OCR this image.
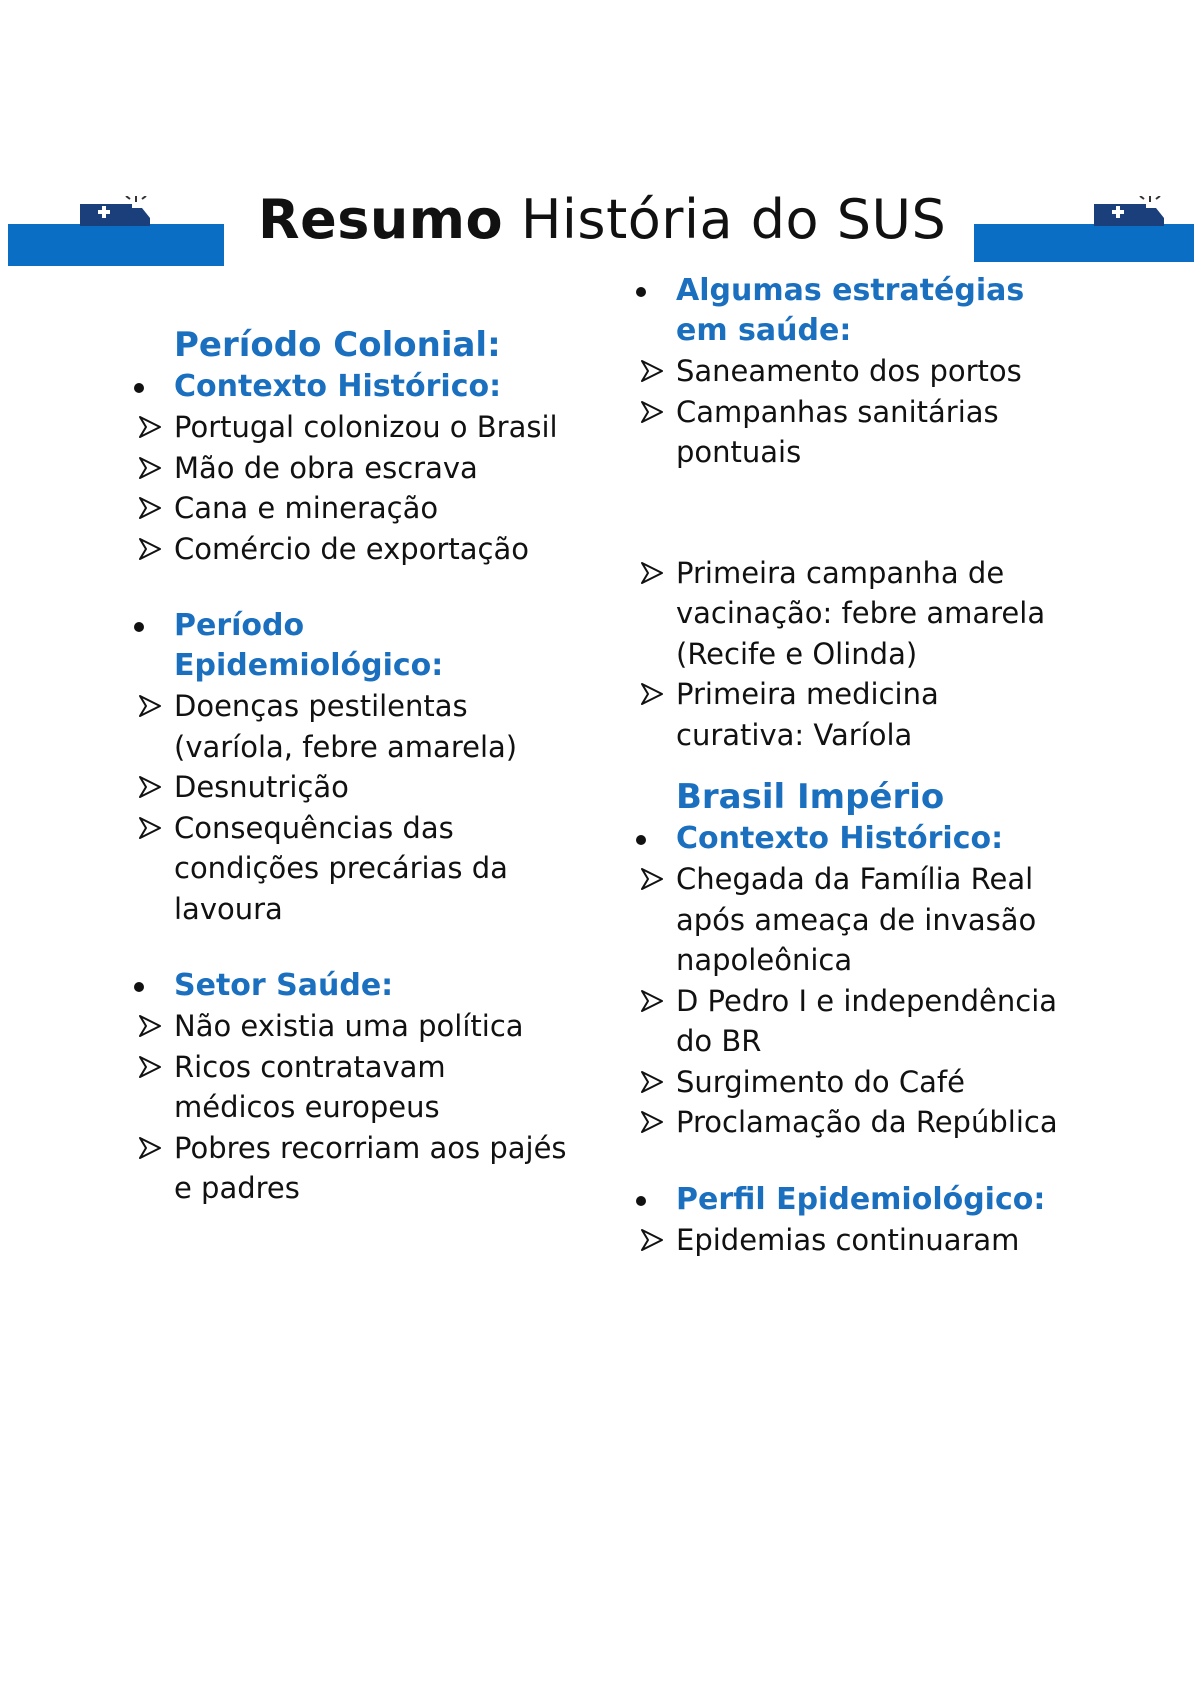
Resumo História do SUS
Período Colonial:
Contexto Histórico:
Portugal colonizou o Brasil
Mão de obra escrava
Cana e mineração
Comércio de exportação
Período Epidemiológico:
Doenças pestilentas (varíola, febre amarela)
Desnutrição
Consequências das condições precárias da lavoura
Setor Saúde:
Não existia uma política
Ricos contratavam médicos europeus
Pobres recorriam aos pajés e padres
Algumas estratégias em saúde:
Saneamento dos portos
Campanhas sanitárias pontuais
Primeira campanha de vacinação: febre amarela (Recife e Olinda)
Primeira medicina curativa: Varíola
Brasil Império
Contexto Histórico:
Chegada da Família Real após ameaça de invasão napoleônica
D Pedro I e independência do BR
Surgimento do Café
Proclamação da República
Perfil Epidemiológico:
Epidemias continuaram
